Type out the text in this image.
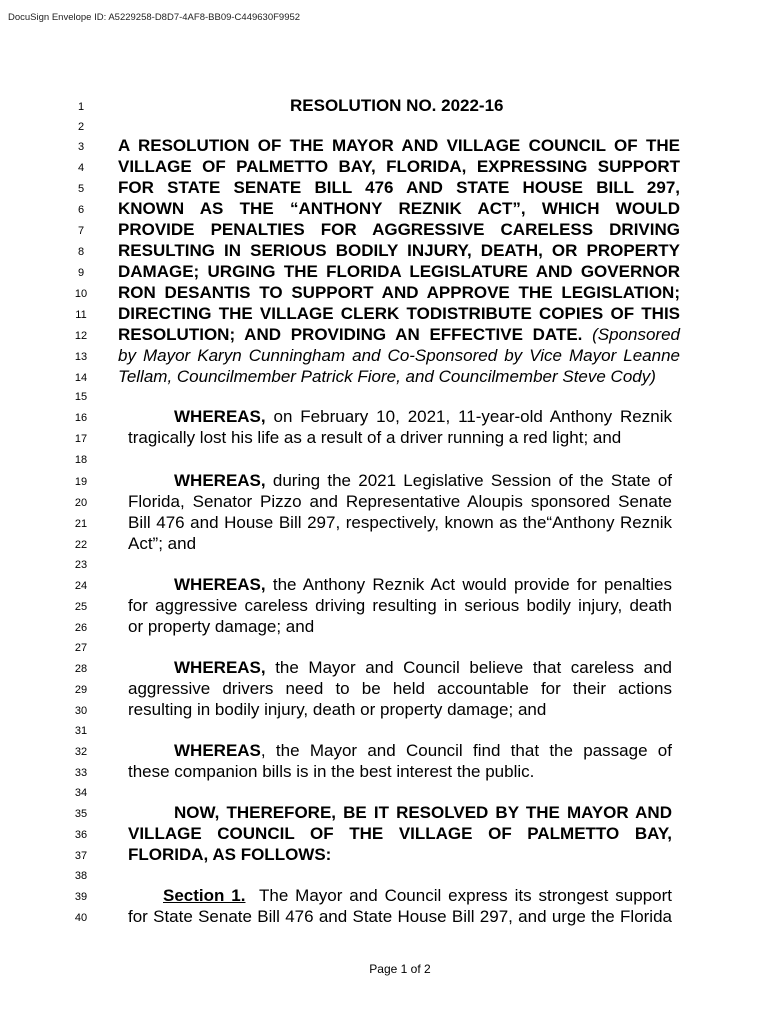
DocuSign Envelope ID: A5229258-D8D7-4AF8-BB09-C449630F9952
1
2
3
4
5
6
7
8
9
10
11
12
13
14
15
16
17
18
19
20
21
22
23
24
25
26
27
28
29
30
31
32
33
34
35
36
37
38
39
40
RESOLUTION NO. 2022-16
A RESOLUTION OF THE MAYOR AND VILLAGE COUNCIL OF THE
VILLAGE OF PALMETTO BAY, FLORIDA, EXPRESSING SUPPORT
FOR STATE SENATE BILL 476 AND STATE HOUSE BILL 297,
KNOWN AS THE “ANTHONY REZNIK ACT”, WHICH WOULD
PROVIDE PENALTIES FOR AGGRESSIVE CARELESS DRIVING
RESULTING IN SERIOUS BODILY INJURY, DEATH, OR PROPERTY
DAMAGE; URGING THE FLORIDA LEGISLATURE AND GOVERNOR
RON DESANTIS TO SUPPORT AND APPROVE THE LEGISLATION;
DIRECTING THE VILLAGE CLERK TODISTRIBUTE COPIES OF THIS
RESOLUTION; AND PROVIDING AN EFFECTIVE DATE. (Sponsored
by Mayor Karyn Cunningham and Co-Sponsored by Vice Mayor Leanne
Tellam, Councilmember Patrick Fiore, and Councilmember Steve Cody)
WHEREAS, on February 10, 2021, 11-year-old Anthony Reznik
tragically lost his life as a result of a driver running a red light; and
WHEREAS, during the 2021 Legislative Session of the State of
Florida, Senator Pizzo and Representative Aloupis sponsored Senate
Bill 476 and House Bill 297, respectively, known as the“Anthony Reznik
Act”; and
WHEREAS, the Anthony Reznik Act would provide for penalties
for aggressive careless driving resulting in serious bodily injury, death
or property damage; and
WHEREAS, the Mayor and Council believe that careless and
aggressive drivers need to be held accountable for their actions
resulting in bodily injury, death or property damage; and
WHEREAS, the Mayor and Council find that the passage of
these companion bills is in the best interest the public.
NOW, THEREFORE, BE IT RESOLVED BY THE MAYOR AND
VILLAGE COUNCIL OF THE VILLAGE OF PALMETTO BAY,
FLORIDA, AS FOLLOWS:
Section 1. The Mayor and Council express its strongest support
for State Senate Bill 476 and State House Bill 297, and urge the Florida
Page 1 of 2
